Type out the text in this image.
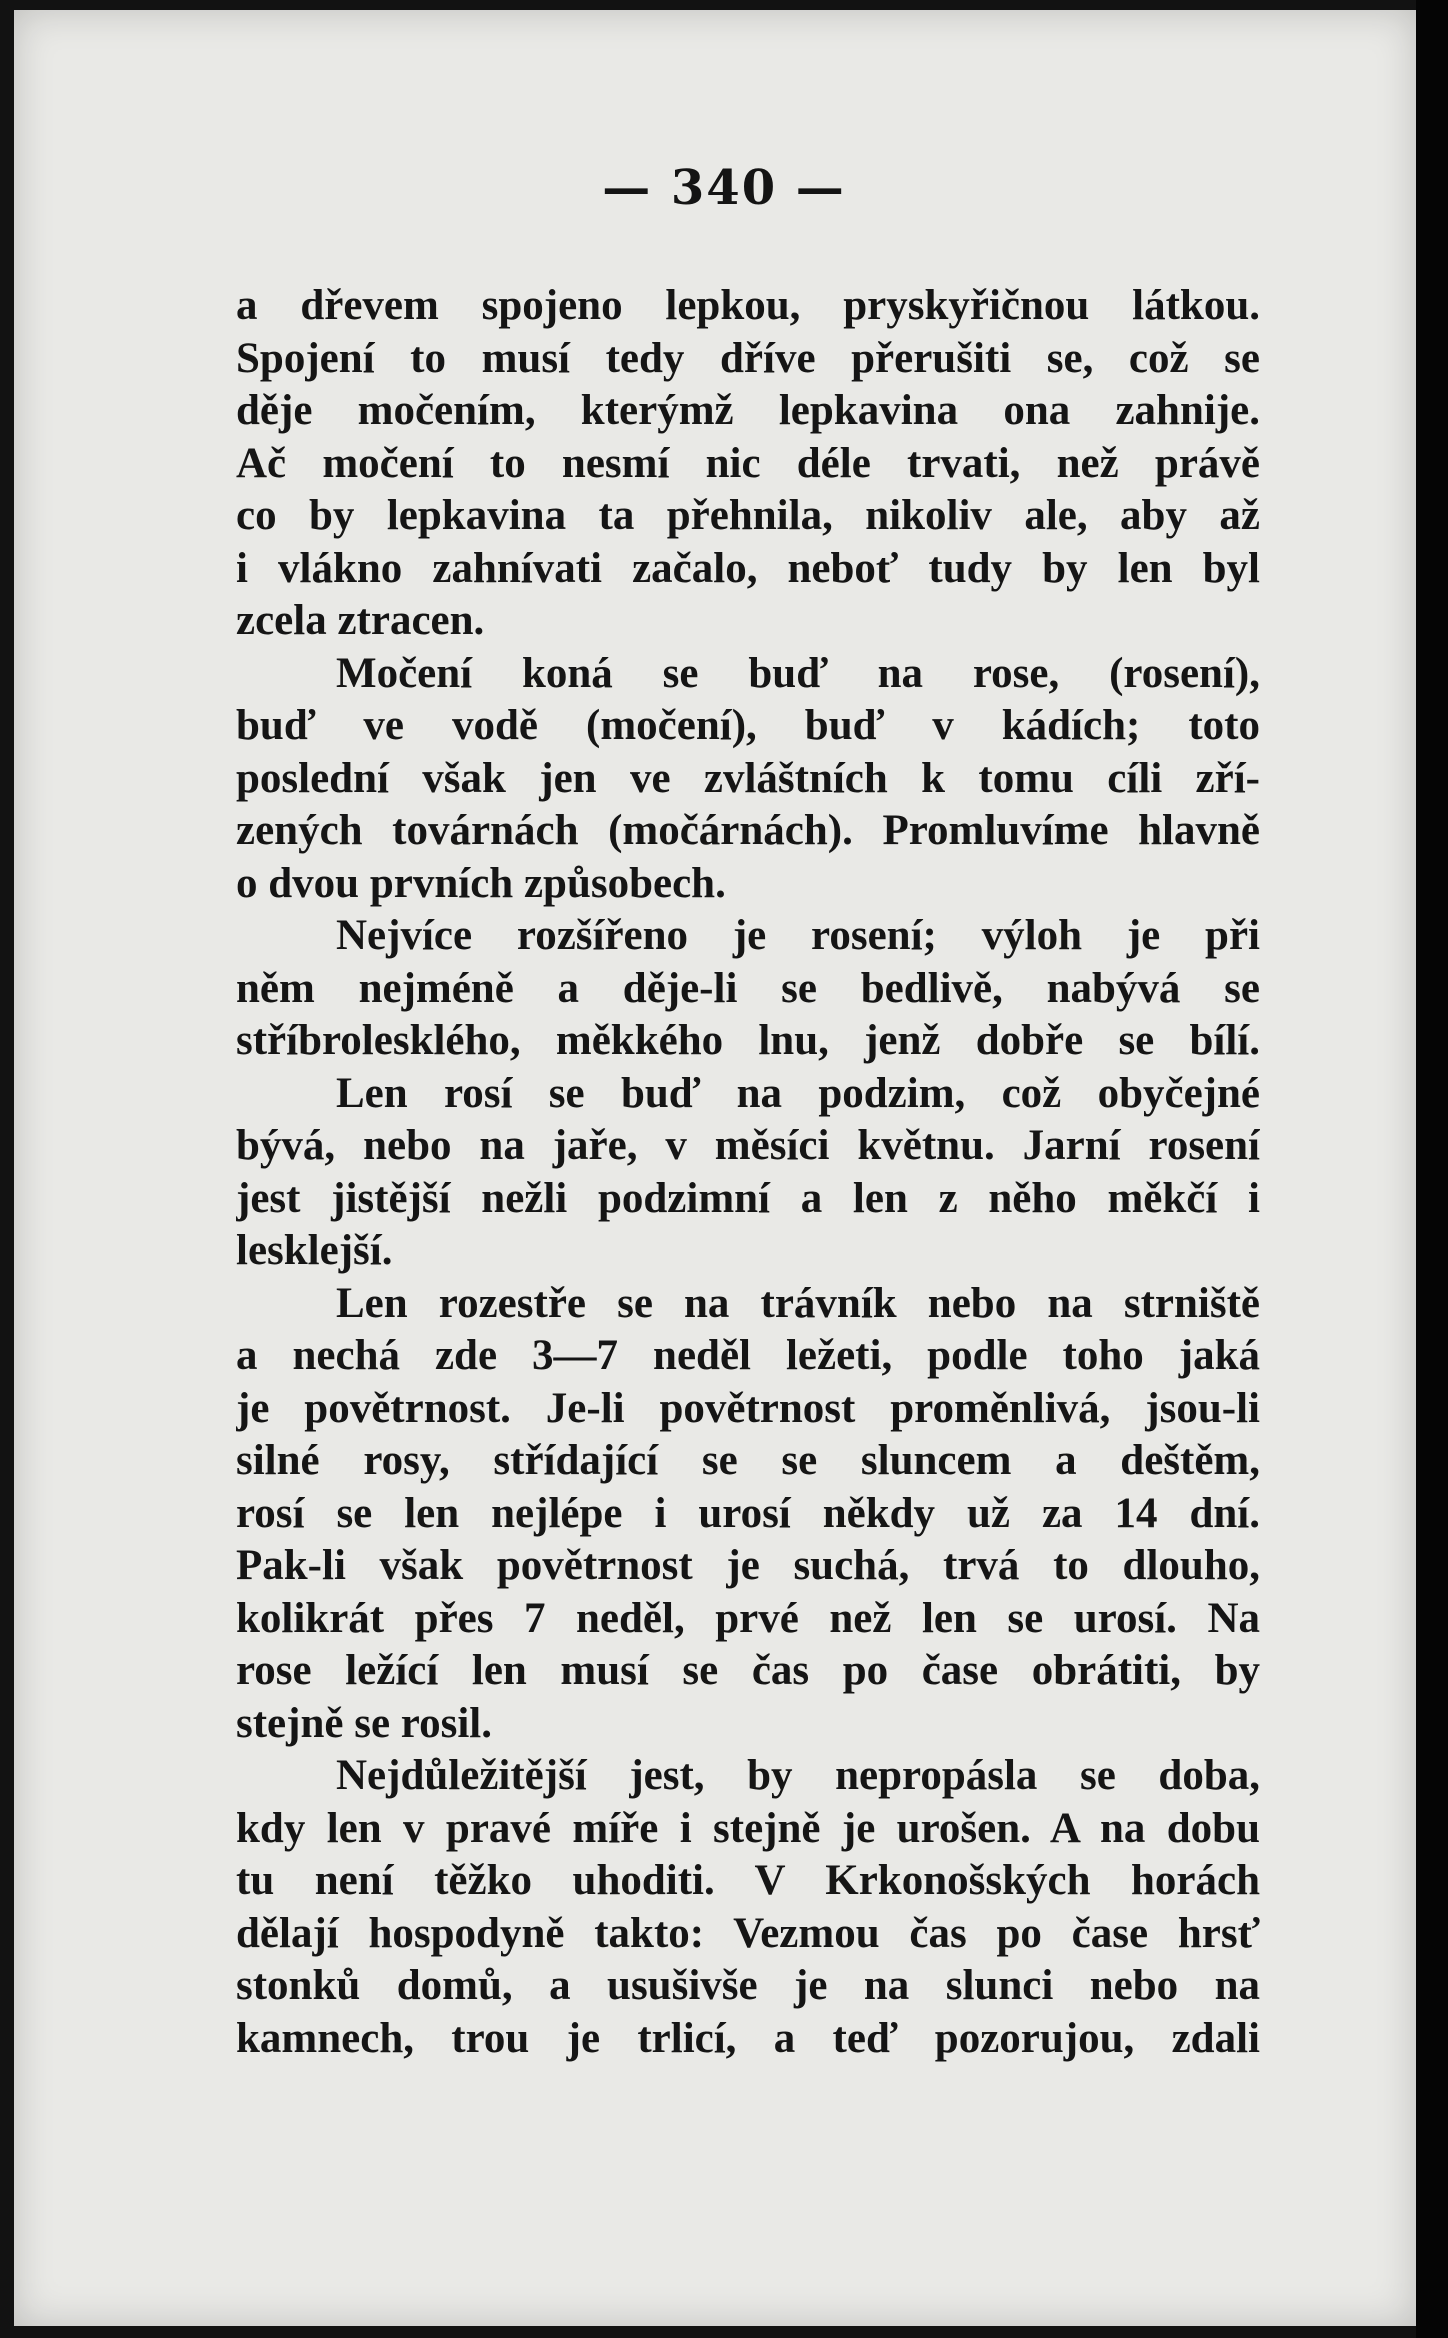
— 340 —
a dřevem spojeno lepkou, pryskyřičnou látkou.
Spojení to musí tedy dříve přerušiti se, což se
děje močením, kterýmž lepkavina ona zahnije.
Ač močení to nesmí nic déle trvati, než právě
co by lepkavina ta přehnila, nikoliv ale, aby až
i vlákno zahnívati začalo, neboť tudy by len byl
zcela ztracen.
Močení koná se buď na rose, (rosení),
buď ve vodě (močení), buď v kádích; toto
poslední však jen ve zvláštních k tomu cíli zří-
zených továrnách (močárnách). Promluvíme hlavně
o dvou prvních způsobech.
Nejvíce rozšířeno je rosení; výloh je při
něm nejméně a děje-li se bedlivě, nabývá se
stříbrolesklého, měkkého lnu, jenž dobře se bílí.
Len rosí se buď na podzim, což obyčejné
bývá, nebo na jaře, v měsíci květnu. Jarní rosení
jest jistější nežli podzimní a len z něho měkčí i
lesklejší.
Len rozestře se na trávník nebo na strniště
a nechá zde 3—7 neděl ležeti, podle toho jaká
je povětrnost. Je-li povětrnost proměnlivá, jsou-li
silné rosy, střídající se se sluncem a deštěm,
rosí se len nejlépe i urosí někdy už za 14 dní.
Pak-li však povětrnost je suchá, trvá to dlouho,
kolikrát přes 7 neděl, prvé než len se urosí. Na
rose ležící len musí se čas po čase obrátiti, by
stejně se rosil.
Nejdůležitější jest, by nepropásla se doba,
kdy len v pravé míře i stejně je urošen. A na dobu
tu není těžko uhoditi. V Krkonošských horách
dělají hospodyně takto: Vezmou čas po čase hrsť
stonků domů, a usušivše je na slunci nebo na
kamnech, trou je trlicí, a teď pozorujou, zdali
